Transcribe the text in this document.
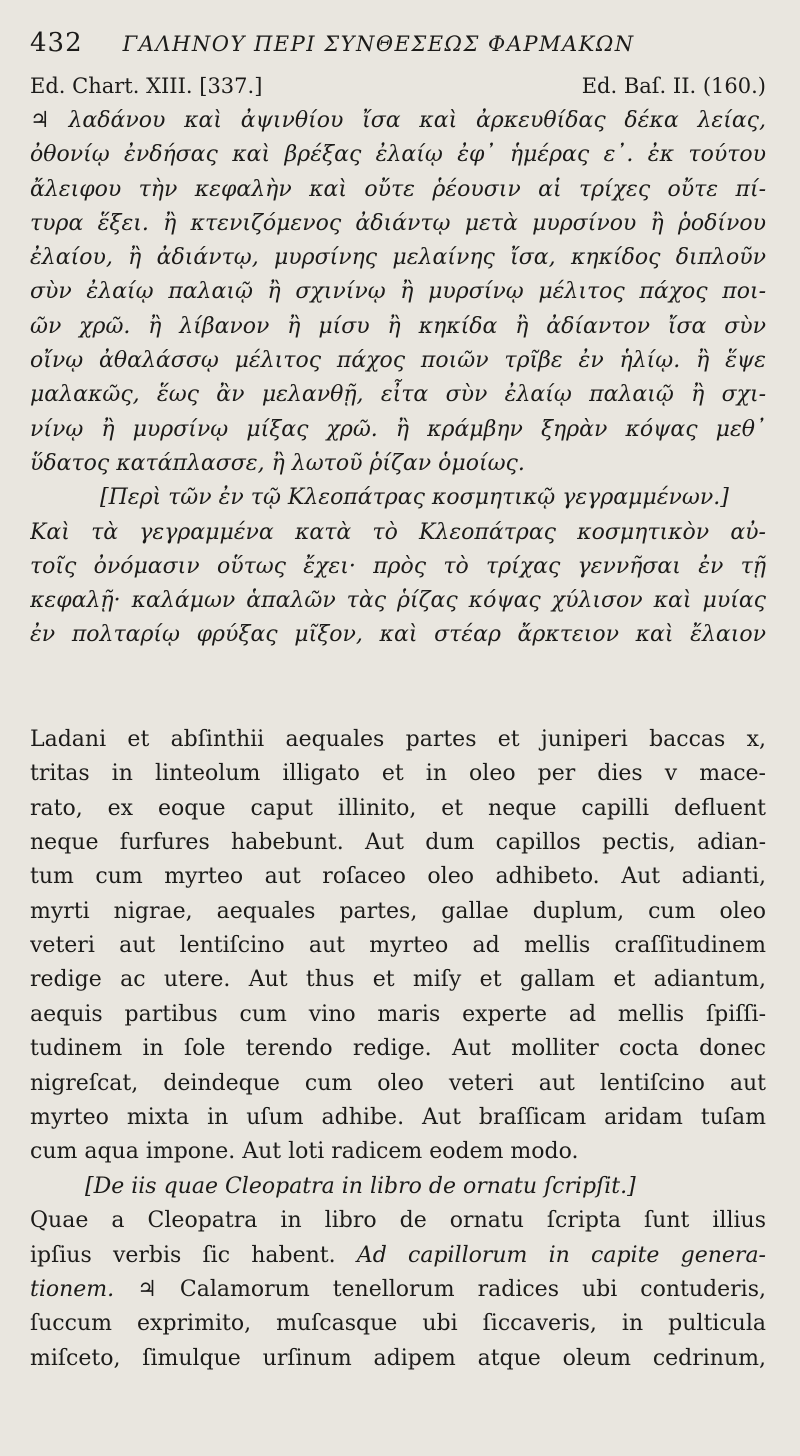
432 ΓΑΛΗΝΟΥ ΠΕΡΙ ΣΥΝΘΕΣΕΩΣ ΦΑΡΜΑΚΩΝ
Ed. Chart. XIII. [337.]	Ed. Baſ. II. (160.)
♃ λαδάνου καὶ ἀψινθίου ἴσα καὶ ἀρκευθίδας δέκα λείας,
ὀθονίῳ ἐνδήσας καὶ βρέξας ἐλαίῳ ἐφ᾽ ἡμέρας ε᾽. ἐκ τούτου
ἄλειφου τὴν κεφαλὴν καὶ οὔτε ῥέουσιν αἱ τρίχες οὔτε πί-
τυρα ἕξει. ἢ κτενιζόμενος ἀδιάντῳ μετὰ μυρσίνου ἢ ῥοδίνου
ἐλαίου, ἢ ἀδιάντῳ, μυρσίνης μελαίνης ἴσα, κηκίδος διπλοῦν
σὺν ἐλαίῳ παλαιῷ ἢ σχινίνῳ ἢ μυρσίνῳ μέλιτος πάχος ποι-
ῶν χρῶ. ἢ λίβανον ἢ μίσυ ἢ κηκίδα ἢ ἀδίαντον ἴσα σὺν
οἴνῳ ἀθαλάσσῳ μέλιτος πάχος ποιῶν τρῖβε ἐν ἡλίῳ. ἢ ἕψε
μαλακῶς, ἕως ἂν μελανθῇ, εἶτα σὺν ἐλαίῳ παλαιῷ ἢ σχι-
νίνῳ ἢ μυρσίνῳ μίξας χρῶ. ἢ κράμβην ξηρὰν κόψας μεθ᾽
ὕδατος κατάπλασσε, ἢ λωτοῦ ῥίζαν ὁμοίως.
[Περὶ τῶν ἐν τῷ Κλεοπάτρας κοσμητικῷ γεγραμμένων.]
Καὶ τὰ γεγραμμένα κατὰ τὸ Κλεοπάτρας κοσμητικὸν αὐ-
τοῖς ὀνόμασιν οὕτως ἔχει· πρὸς τὸ τρίχας γεννῆσαι ἐν τῇ
κεφαλῇ· καλάμων ἁπαλῶν τὰς ῥίζας κόψας χύλισον καὶ μυίας
ἐν πολταρίῳ φρύξας μῖξον, καὶ στέαρ ἄρκτειον καὶ ἔλαιον
Ladani et abſinthii aequales partes et juniperi baccas x,
tritas in linteolum illigato et in oleo per dies v mace-
rato, ex eoque caput illinito, et neque capilli defluent
neque furfures habebunt. Aut dum capillos pectis, adian-
tum cum myrteo aut roſaceo oleo adhibeto. Aut adianti,
myrti nigrae, aequales partes, gallae duplum, cum oleo
veteri aut lentiſcino aut myrteo ad mellis craſſitudinem
redige ac utere. Aut thus et miſy et gallam et adiantum,
aequis partibus cum vino maris experte ad mellis ſpiſſi-
tudinem in ſole terendo redige. Aut molliter cocta donec
nigreſcat, deindeque cum oleo veteri aut lentiſcino aut
myrteo mixta in uſum adhibe. Aut braſſicam aridam tuſam
cum aqua impone. Aut loti radicem eodem modo.
[De iis quae Cleopatra in libro de ornatu ſcripſit.]
Quae a Cleopatra in libro de ornatu ſcripta ſunt illius
ipſius verbis ſic habent. Ad capillorum in capite genera-
tionem. ♃ Calamorum tenellorum radices ubi contuderis,
ſuccum exprimito, muſcasque ubi ſiccaveris, in pulticula
miſceto, ſimulque urſinum adipem atque oleum cedrinum,
